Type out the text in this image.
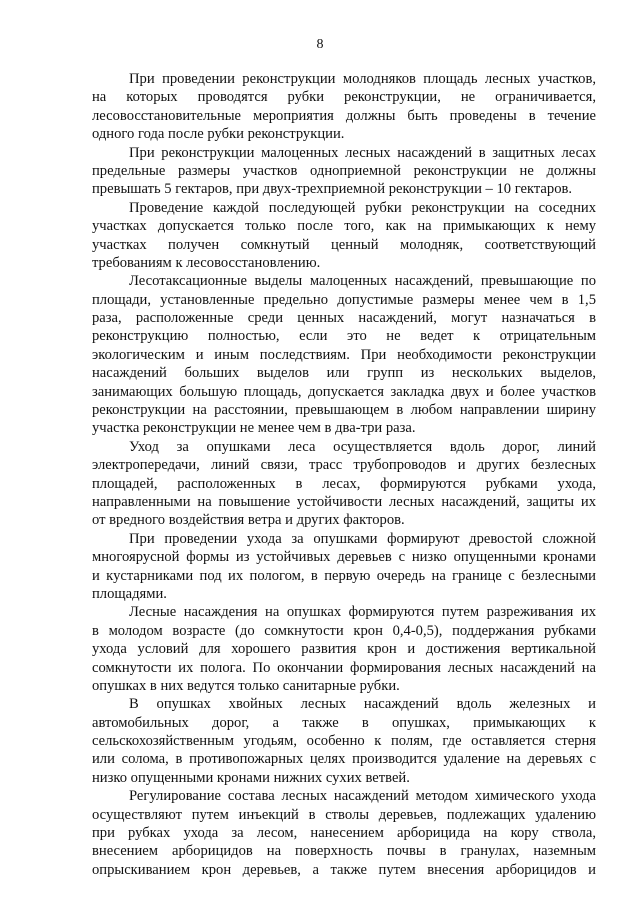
8
При проведении реконструкции молодняков площадь лесных участков,
на которых проводятся рубки реконструкции, не ограничивается,
лесовосстановительные мероприятия должны быть проведены в течение
одного года после рубки реконструкции.
При реконструкции малоценных лесных насаждений в защитных лесах
предельные размеры участков одноприемной реконструкции не должны
превышать 5 гектаров, при двух-трехприемной реконструкции – 10 гектаров.
Проведение каждой последующей рубки реконструкции на соседних
участках допускается только после того, как на примыкающих к нему
участках получен сомкнутый ценный молодняк, соответствующий
требованиям к лесовосстановлению.
Лесотаксационные выделы малоценных насаждений, превышающие по
площади, установленные предельно допустимые размеры менее чем в 1,5
раза, расположенные среди ценных насаждений, могут назначаться в
реконструкцию полностью, если это не ведет к отрицательным
экологическим и иным последствиям. При необходимости реконструкции
насаждений больших выделов или групп из нескольких выделов,
занимающих большую площадь, допускается закладка двух и более участков
реконструкции на расстоянии, превышающем в любом направлении ширину
участка реконструкции не менее чем в два-три раза.
Уход за опушками леса осуществляется вдоль дорог, линий
электропередачи, линий связи, трасс трубопроводов и других безлесных
площадей, расположенных в лесах, формируются рубками ухода,
направленными на повышение устойчивости лесных насаждений, защиты их
от вредного воздействия ветра и других факторов.
При проведении ухода за опушками формируют древостой сложной
многоярусной формы из устойчивых деревьев с низко опущенными кронами
и кустарниками под их пологом, в первую очередь на границе с безлесными
площадями.
Лесные насаждения на опушках формируются путем разреживания их
в молодом возрасте (до сомкнутости крон 0,4-0,5), поддержания рубками
ухода условий для хорошего развития крон и достижения вертикальной
сомкнутости их полога. По окончании формирования лесных насаждений на
опушках в них ведутся только санитарные рубки.
В опушках хвойных лесных насаждений вдоль железных и
автомобильных дорог, а также в опушках, примыкающих к
сельскохозяйственным угодьям, особенно к полям, где оставляется стерня
или солома, в противопожарных целях производится удаление на деревьях с
низко опущенными кронами нижних сухих ветвей.
Регулирование состава лесных насаждений методом химического ухода
осуществляют путем инъекций в стволы деревьев, подлежащих удалению
при рубках ухода за лесом, нанесением арборицида на кору ствола,
внесением арборицидов на поверхность почвы в гранулах, наземным
опрыскиванием крон деревьев, а также путем внесения арборицидов и
